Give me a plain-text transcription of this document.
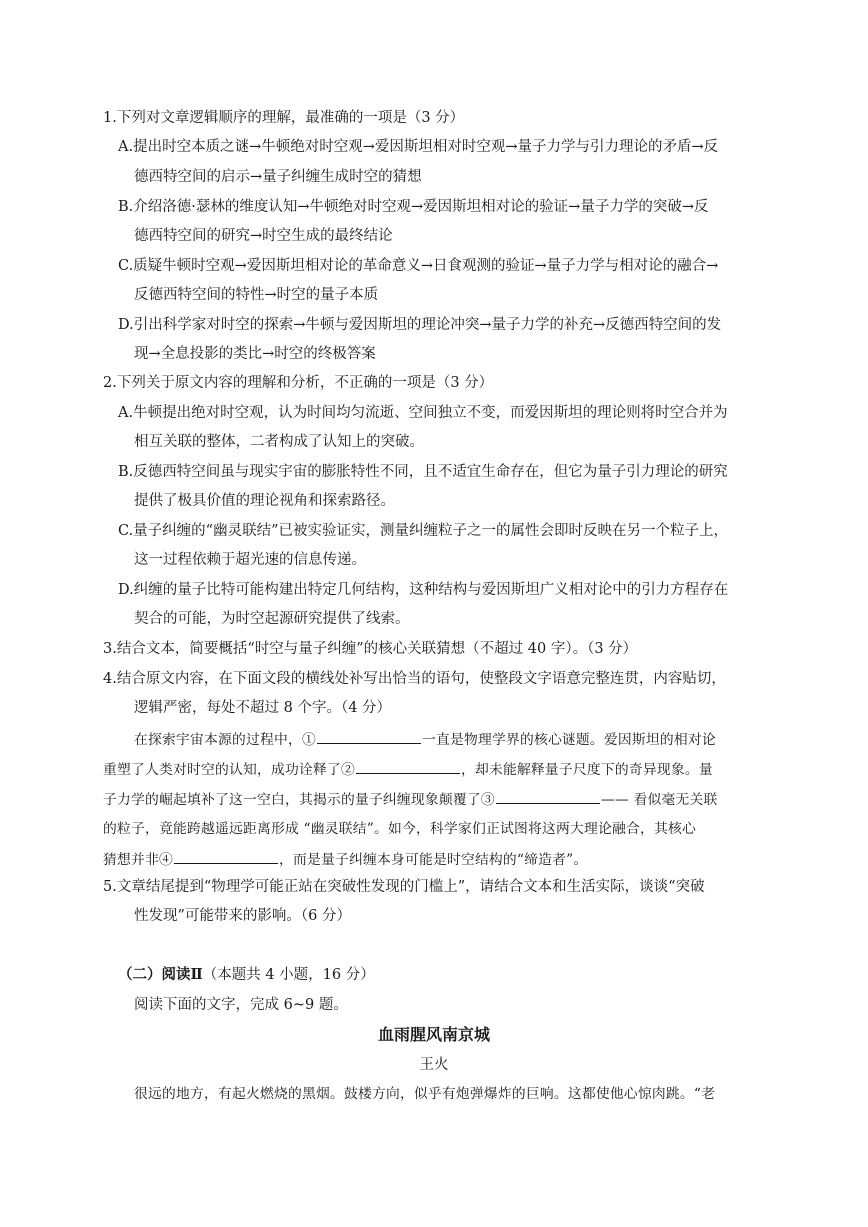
1.下列对文章逻辑顺序的理解，最准确的一项是（3 分）
A.提出时空本质之谜→牛顿绝对时空观→爱因斯坦相对时空观→量子力学与引力理论的矛盾→反
德西特空间的启示→量子纠缠生成时空的猜想
B.介绍洛德·瑟林的维度认知→牛顿绝对时空观→爱因斯坦相对论的验证→量子力学的突破→反
德西特空间的研究→时空生成的最终结论
C.质疑牛顿时空观→爱因斯坦相对论的革命意义→日食观测的验证→量子力学与相对论的融合→
反德西特空间的特性→时空的量子本质
D.引出科学家对时空的探索→牛顿与爱因斯坦的理论冲突→量子力学的补充→反德西特空间的发
现→全息投影的类比→时空的终极答案
2.下列关于原文内容的理解和分析，不正确的一项是（3 分）
A.牛顿提出绝对时空观，认为时间均匀流逝、空间独立不变，而爱因斯坦的理论则将时空合并为
相互关联的整体，二者构成了认知上的突破。
B.反德西特空间虽与现实宇宙的膨胀特性不同，且不适宜生命存在，但它为量子引力理论的研究
提供了极具价值的理论视角和探索路径。
C.量子纠缠的“幽灵联结”已被实验证实，测量纠缠粒子之一的属性会即时反映在另一个粒子上，
这一过程依赖于超光速的信息传递。
D.纠缠的量子比特可能构建出特定几何结构，这种结构与爱因斯坦广义相对论中的引力方程存在
契合的可能，为时空起源研究提供了线索。
3.结合文本，简要概括“时空与量子纠缠”的核心关联猜想（不超过 40 字）。（3 分）
4.结合原文内容，在下面文段的横线处补写出恰当的语句，使整段文字语意完整连贯，内容贴切，
逻辑严密，每处不超过 8 个字。（4 分）
在探索宇宙本源的过程中，①	一直是物理学界的核心谜题。爱因斯坦的相对论
重塑了人类对时空的认知，成功诠释了②	，却未能解释量子尺度下的奇异现象。量
子力学的崛起填补了这一空白，其揭示的量子纠缠现象颠覆了③	—— 看似毫无关联
的粒子，竟能跨越遥远距离形成 “幽灵联结”。如今，科学家们正试图将这两大理论融合，其核心
猜想并非④	，而是量子纠缠本身可能是时空结构的“缔造者”。
5.文章结尾提到“物理学可能正站在突破性发现的门槛上”，请结合文本和生活实际，谈谈“突破
性发现”可能带来的影响。（6 分）
（二）阅读Ⅱ（本题共 4 小题，16 分）
阅读下面的文字，完成 6~9 题。
血雨腥风南京城
王火
很远的地方，有起火燃烧的黑烟。鼓楼方向，似乎有炮弹爆炸的巨响。这都使他心惊肉跳。“老
